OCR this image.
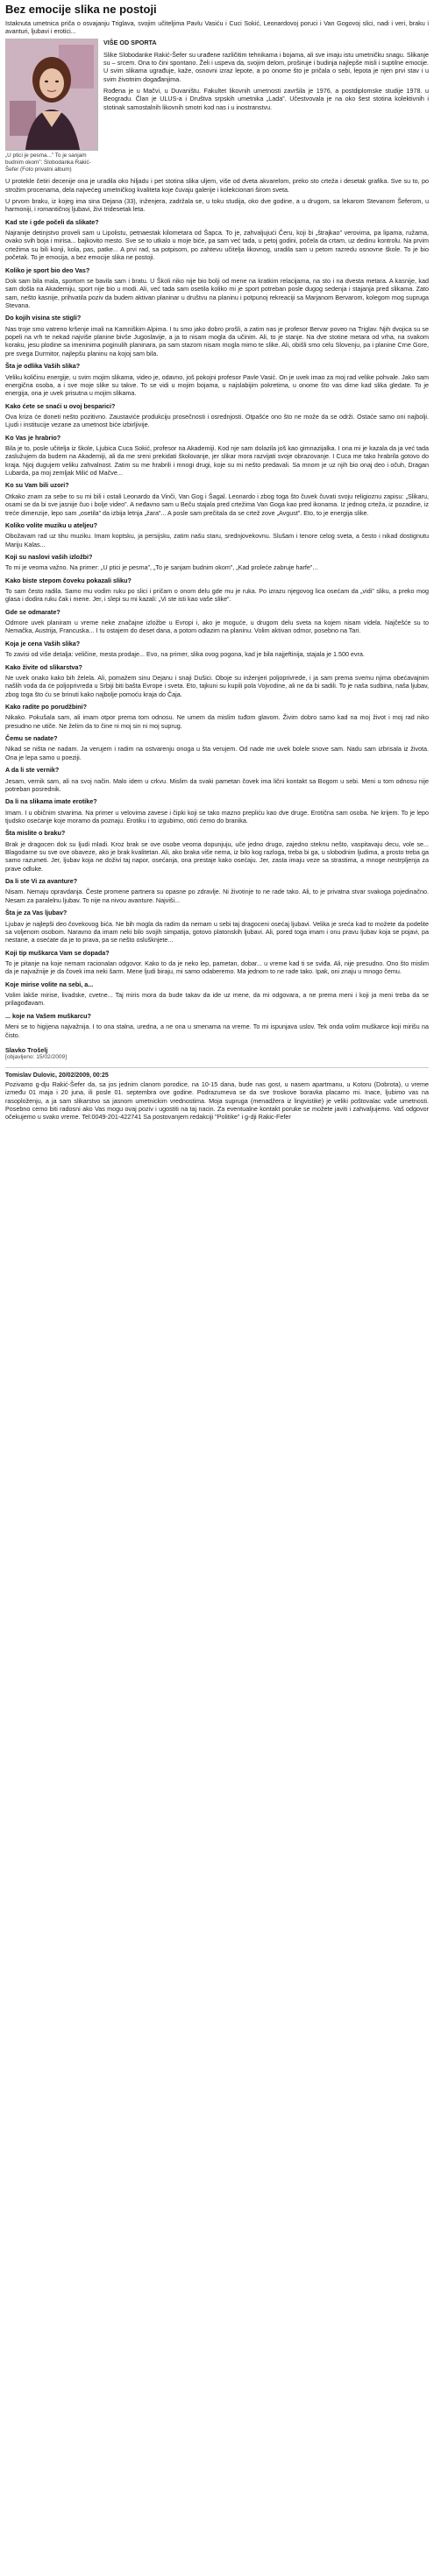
Bez emocije slika ne postoji

Istaknuta umetnica priča o osvajanju Triglava, svojim učiteljima Pavlu Vasiću i Cuci Sokić, Leonardovoj poruci i Van Gogovoj slici, nadi i veri, braku i avanturi, ljubavi i erotici...

„U ptici je pesma...” To je sanjam budnim okom”: Slobodanka Rakić-Šefer (Foto privatni album)

VIŠE OD SPORTA

Slike Slobodanke Rakić-Šefer su urađene različitim tehnikama i bojama, ali sve imaju istu umetničku snagu. Slikanje su – srcem. Ona to čini spontano. Želi i uspeva da, svojim delom, proširuje i budinja najlepše misli i suptilne emocije. U svim slikama ugrađuje, kaže, osnovni izraz lepote, a po onome što je pričala o sebi, lepota je njen prvi stav i u svim životnim događanjima.

Rođena je u Mačvi, u Duvaništu. Fakultet likovnih umetnosti završila je 1976, a postdiplomske studije 1978. u Beogradu. Član je ULUS-a i Društva srpskih umetnika „Lada”. Učestvovala je na oko šest stotina kolektivnih i stotinak samostalnih likovnih smotri kod nas i u inostranstvu.

U protekle četiri decenije ona je uradila oko hiljadu i pet stotina slika ulјem, više od dveta akvarelom, preko sto crteža i desetak grafika. Sve su to, po strožim procenama, dela najvećeg umetničkog kvaliteta koje čuvaju galerije i kolekcionari širom sveta.

U prvom braku, iz kojeg ima sina Dejana (33), inženjera, zadržala se, u toku studija, oko dve godine, a u drugom, sa lekarom Stevanom Šeferom, u harmoniji, i romantičnoj ljubavi, živi tridesetak leta.

Kad ste i gde počeli da slikate?

Najranije detinjstvo proveli sam u Lipolistu, petnaestak kilometara od Šapca. To je, zahvaljujući Čeru, koji bi „štrajkao” verovima, pa lipama, ružama, ovako svih boja i mirisa... bajkovito mesto. Sve se to utkalo u moje biće, pa sam već tada, u petoj godini, počela da crtam, uz dedinu kontrolu. Na prvim crtežima su bili konji, kola, pas, patke... A prvi rad, sa potpisom, po zahtevu učitelja likovnog, uradila sam u petom razredu osnovne škole. To je bio početak. To je emocija, a bez emocije slika ne postoji.

Koliko je sport bio deo Vas?

Dok sam bila mala, sportom se bavila sam i bratu. U Školi niko nije bio bolji od mene na kratkim relacijama, na sto i na dvesta metara. A kasnije, kad sam došla na Akademiju, sport nije bio u modi. Ali, već tada sam osetila koliko mi je sport potreban posle dugog sedenja i stajanja pred slikama. Zato sam, nešto kasnije, prihvatila poziv da budem aktivan planinar u društvu na planinu i potpunoj rekreaciji sa Marjanom Bervarom, kolegom mog supruga Stevana.

Do kojih visina ste stigli?

Nas troje smo vatreno kršenje imali na Kamniškim Alpima. I tu smo jako dobro prošli, a zatim nas je profesor Bervar poveo na Triglav. Njih dvojica su se popeli na vrh te nekad najviše planine bivše Jugoslavije, a ja to nisam mogla da učinim. Ali, to je stanje. Na dve stotine metara od vrha, na svakom koraku, jesu plodine sa imeninima poginulih planinara, pa sam stazom nisam mogla mimo te slike. Ali, obišli smo celu Slovenju, pa i planine Crne Gore, pre svega Durmitor, najlepšu planinu na kojoj sam bila.

Šta je odlika Vaših slika?

Veliku količinu energije, u svim mojim slikama, video je, odavno, još pokojni profesor Pavle Vasić. On je uvek imao za moj rad velike pohvale. Jako sam energična osoba, a i sve moje slike su takve. To se vidi u mojim bojama, u najslabijim pokretima, u onome što vas dirne kad slika gledate. To je energija, ona je uvek prisutna u mojim slikama.

Kako ćete se snaći u ovoj besparici?

Ova kriza će doneti nešto pozitivno. Zaustaviće produkciju prosečnosti i osrednjosti. Otpašće ono što ne može da se održi. Ostaće samo oni najbolji. Ljudi i institucije vezane za umetnost biće izbirljivije.

Ko Vas je hrabrio?

Bila je to, posle učitelja iz škole, Ljubica Cuca Sokić, profesor na Akademiji. Kod nje sam dolazila još kao gimnazijalka. I ona mi je kazala da ja već tada zaslužujem da budem na Akademiji, ali da me sreni prekidati školovanje, jer slikar mora razvijati svoje obrazovanje. I Cuca me tako hrabrila gotovo do kraja. Njoj dugujem veliku zahvalnost. Zatim su me hrabrili i mnogi drugi, koje su mi nešto predavali. Sa mnom je uz njih bio onaj deo i očuh, Dragan Lubarda, pa moj zemljak Milić od Mačve...

Ko su Vam bili uzori?

Otkako znam za sebe to su mi bili i ostali Leonardo da Vinči, Van Gog i Šagal. Leonardo i zbog toga što čuvek čuvati svoju religioznu zapisu: „Slikaru, osami se da bi sve jasnije čuo i bolje video”. A neđavno sam u Beču stajala pred crtežima Van Goga kao pred ikonama. Iz jednog crteža, iz pozadine, iz treće dimenzije, lepo sam „osetila” da izbija letnja „žara”... A posle sam prečitala da se crtež zove „Avgust”. Eto, to je energija slike.

Koliko volite muziku u atelјeu?

Obožavam rad uz tihu muziku. Imam koptsku, ja persijsku, zatim našu staru, srednjovekovnu. Slušam i tenore celog sveta, a često i nikad dostignutu Mariju Kalas...

Koji su naslovi vaših izložbi?

To mi je veoma važno. Na primer: „U ptici je pesma”, „To je sanjam budnim okom”, „Kad proleće zabruje harfe”...

Kako biste stepom čoveku pokazali sliku?

To sam često radila. Samo mu vodim ruku po slici i pričam o onom delu gde mu je ruka. Po izrazu njegovog lica osećam da „vidi” sliku, a preko mog glasa i dodira ruku čak i mene. Jer, i slepi su mi kazali: „Vi ste isti kao vaše slike”.

Gde se odmarate?

Odmore uvek planiram u vreme neke značajne izložbe u Evropi i, ako je moguće, u drugom delu sveta na kojem nisam videla. Najčešće su to Nemačka, Austrija, Francuska... I tu ostajem do deset dana, a potom odlazim na planinu. Volim aktivan odmor, posebno na Tari.

Koja je cena Vaših slika?

To zavisi od više detalja: veličine, mesta prodaje... Evo, na primer, slika ovog pogona, kad je bila najjeftinija, stajala je 1.500 evra.

Kako živite od slikarstva?

Ne uvek onako kako bih želela. Ali, pomažem sinu Dejanu i snaji Dušici. Oboje su inženjeri poljoprivrede, i ja sam prema svemu njima obećavajnim našlih voda da će poljoprivreda u Srbiji biti bašta Evrope i sveta. Eto, tajkuni su kupili pola Vojvodine, ali ne da bi sadili. To je naša sudbina, naša ljubav, zbog toga što ću se brinuti kako najbolje pomoću kraja do Čaja.

Kako radite po porudžbini?

Nikako. Pokušala sam, ali imam otpor prema tom odnosu. Ne umem da mislim tuđom glavom. Živim dobro samo kad na moj život i moj rad niko presudno ne utiče. Ne želim da to čine ni moj sin ni moj suprug.

Čemu se nadate?

Nikad se ništa ne nadam. Ja verujem i radim na ostvarenju onoga u šta verujem. Od nade me uvek bolele snove sam. Nadu sam izbrisala iz života. Ona je lepa samo u poeziji.

A da li ste vernik?

Jesam, vernik sam, ali na svoj način. Malo idem u crkvu. Mislim da svaki pametan čovek ima lični kontakt sa Bogom u sebi. Meni u tom odnosu nije potreban posrednik.

Da li na slikama imate erotike?

Imam. I u običnim stvarima. Na primer u velovima zavese i čipki koji se tako mazno prepliću kao dve druge. Erotična sam osoba. Ne krijem. To je lepo tjudsko osećanje koje moramo da poznaju. Erotiku i to izgubimo, otići ćemo do branika.

Šta mislite o braku?

Brak je dragocen dok su ljudi mladi. Kroz brak se ove osobe veoma dopunjuju, uče jedno drugo, zajedno steknu nešto, vaspitavaju decu, vole se... Blagodarne su sve ove obaveze, ako je brak kvalitetan. Ali, ako braka više nema, iz bilo kog razloga, treba bi ga, u slobodnim ljudima, a prosto treba ga samo razumeti. Jer, ljubav koja ne doživi taj napor, osećanja, ona prestaje kako osećaju. Jer, zasta imaju veze sa strastima, a mnoge nestrpljenja za prave odluke.

Da li ste Vi za avanture?

Nisam. Nemaju opravdanja. Česte promene partnera su opasne po zdravlje. Ni životinje to ne rade tako. Ali, to je privatna stvar svakoga pojedinačno. Nesam za paralelnu ljubav. To nije na nivou avanture. Najviši...

Šta je za Vas ljubav?

Ljubav je najlepši deo čovekovog bića. Ne bih mogla da radim da nemam u sebi taj dragoceni osećaj ljubavi. Velika je sreća kad to možete da podelite sa voljenom osobom. Naravno da imam neki bilo svojih simpatija, gotovo platonskih ljubavi. Ali, pored toga imam i onu pravu ljubav koja se pojavi, pa nestane, a osećate da je to prava, pa se nešto oslušknjete...

Koji tip muškarca Vam se dopada?

To je pitanje na koje nemam racionalan odgovor. Kako to da je neko lep, pametan, dobar... u vreme kad ti se sviđa. Ali, nije presudno. Ono što mislim da je najvažnije je da čovek ima neki šarm. Mene ljudi biraju, mi samo odaberemo. Ma jednom to ne rade tako. Ipak, oni znaju u mnogo čemu.

Koje mirise volite na sebi, a...

Volim lakše mirise, livadske, cvetne... Taj miris mora da bude takav da ide uz mene, da mi odgovara, a ne prema meni i koji ja meni treba da se prilagođavam.

... koje na Vašem muškarcu?

Meni se to higijena najvažnija. I to ona stalna, uredna, a ne ona u smenama na vreme. To mi ispunjava uslov. Tek onda volim muškarce koji mirišu na čisto.

Slavko Trošelj
[objavljeno: 15/02/2009]
Tomislav Dulovic, 20/02/2009, 00:25

Pozivamo g-dju Rakić-Šefer da, sa jos jednim clanom porodice, na 10-15 dana, bude nas gost, u nasem apartmanu, u Kotoru (Dobrota), u vreme između 01 maja i 20 juna, ili posle 01. septembra ove godine. Podrazumeva se da sve troskove boravka placamo mi. Inace, ljubimo vas na rasoploženju, a ja sam slikarstvo sa jasnom umetnickim vrednostima. Moja supruga (menadžera iz lingvistike) je veliki poštovalac vaše umetnosti. Posebno cemo biti radosni ako Vas mogu ovaj poziv i ugostiti na taj nacin. Za eventualne kontakt poruke se možete javiti i zahvaljujemo. Vaš odgovor očekujemo u svako vreme. Tel:0049-201-422741 Sa postovanjem redakciji "Politike" i g-dji Rakic-Fefer
